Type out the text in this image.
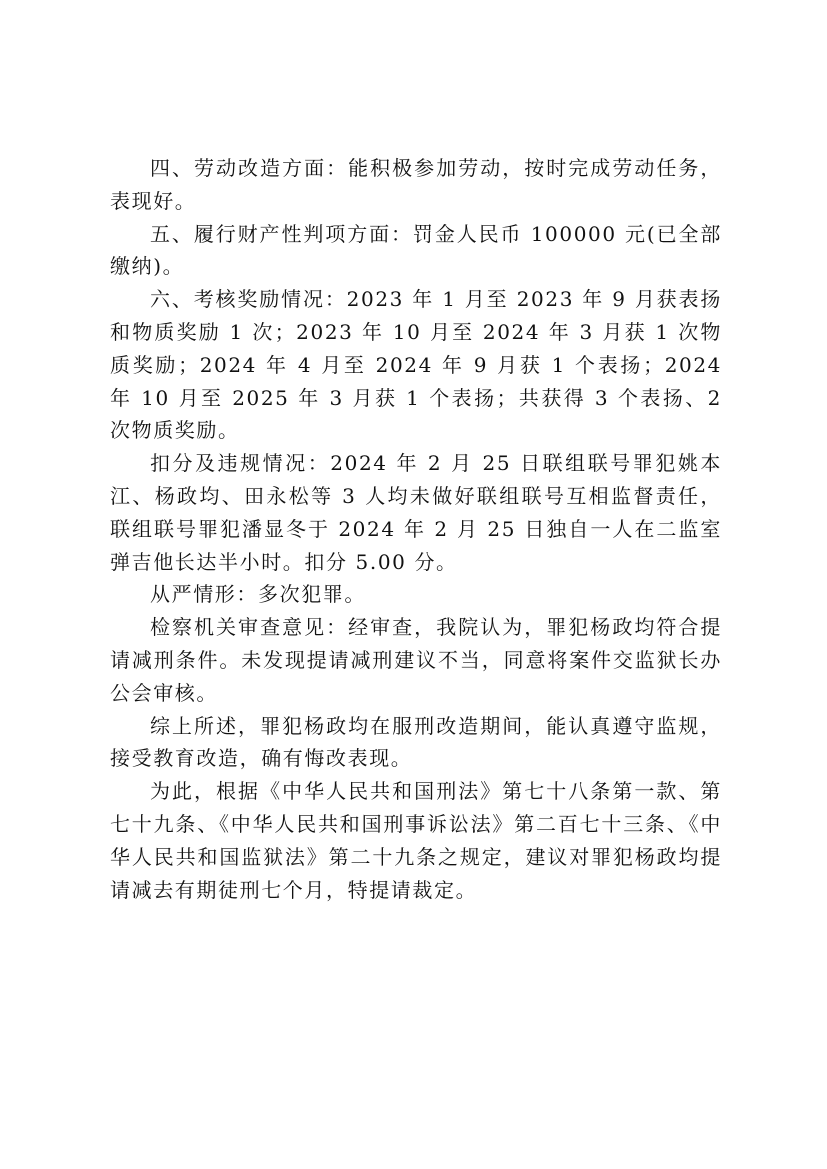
四、劳动改造方面：能积极参加劳动，按时完成劳动任务，表现好。

五、履行财产性判项方面：罚金人民币 100000 元(已全部缴纳)。

六、考核奖励情况：2023 年 1 月至 2023 年 9 月获表扬和物质奖励 1 次；2023 年 10 月至 2024 年 3 月获 1 次物质奖励；2024 年 4 月至 2024 年 9 月获 1 个表扬；2024 年 10 月至 2025 年 3 月获 1 个表扬；共获得 3 个表扬、2 次物质奖励。

扣分及违规情况：2024 年 2 月 25 日联组联号罪犯姚本江、杨政均、田永松等 3 人均未做好联组联号互相监督责任，联组联号罪犯潘显冬于 2024 年 2 月 25 日独自一人在二监室弹吉他长达半小时。扣分 5.00 分。

从严情形：多次犯罪。

检察机关审查意见：经审查，我院认为，罪犯杨政均符合提请减刑条件。未发现提请减刑建议不当，同意将案件交监狱长办公会审核。

综上所述，罪犯杨政均在服刑改造期间，能认真遵守监规，接受教育改造，确有悔改表现。

为此，根据《中华人民共和国刑法》第七十八条第一款、第七十九条、《中华人民共和国刑事诉讼法》第二百七十三条、《中华人民共和国监狱法》第二十九条之规定，建议对罪犯杨政均提请减去有期徒刑七个月，特提请裁定。
